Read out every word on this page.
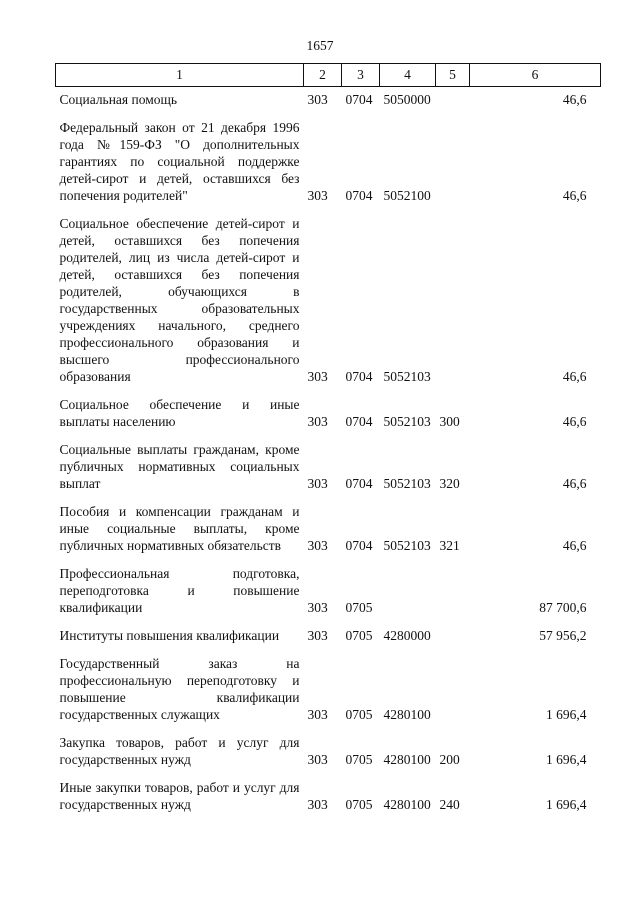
1657
1	2	3	4	5	6
Социальная помощь	303	0704	5050000		46,6
Федеральный закон от 21 декабря 1996 года №159-ФЗ "О дополнительных гарантиях по социальной поддержке детей-сирот и детей, оставшихся без попечения родителей"	303	0704	5052100		46,6
Социальное обеспечение детей-сирот и детей, оставшихся без попечения родителей, лиц из числа детей-сирот и детей, оставшихся без попечения родителей, обучающихся в государственных образовательных учреждениях начального, среднего профессионального образования и высшего профессионального образования	303	0704	5052103		46,6
Социальное обеспечение и иные выплаты населению	303	0704	5052103	300	46,6
Социальные выплаты гражданам, кроме публичных нормативных социальных выплат	303	0704	5052103	320	46,6
Пособия и компенсации гражданам и иные социальные выплаты, кроме публичных нормативных обязательств	303	0704	5052103	321	46,6
Профессиональная подготовка, переподготовка и повышение квалификации	303	0705			87 700,6
Институты повышения квалификации	303	0705	4280000		57 956,2
Государственный заказ на профессиональную переподготовку и повышение квалификации государственных служащих	303	0705	4280100		1 696,4
Закупка товаров, работ и услуг для государственных нужд	303	0705	4280100	200	1 696,4
Иные закупки товаров, работ и услуг для государственных нужд	303	0705	4280100	240	1 696,4
